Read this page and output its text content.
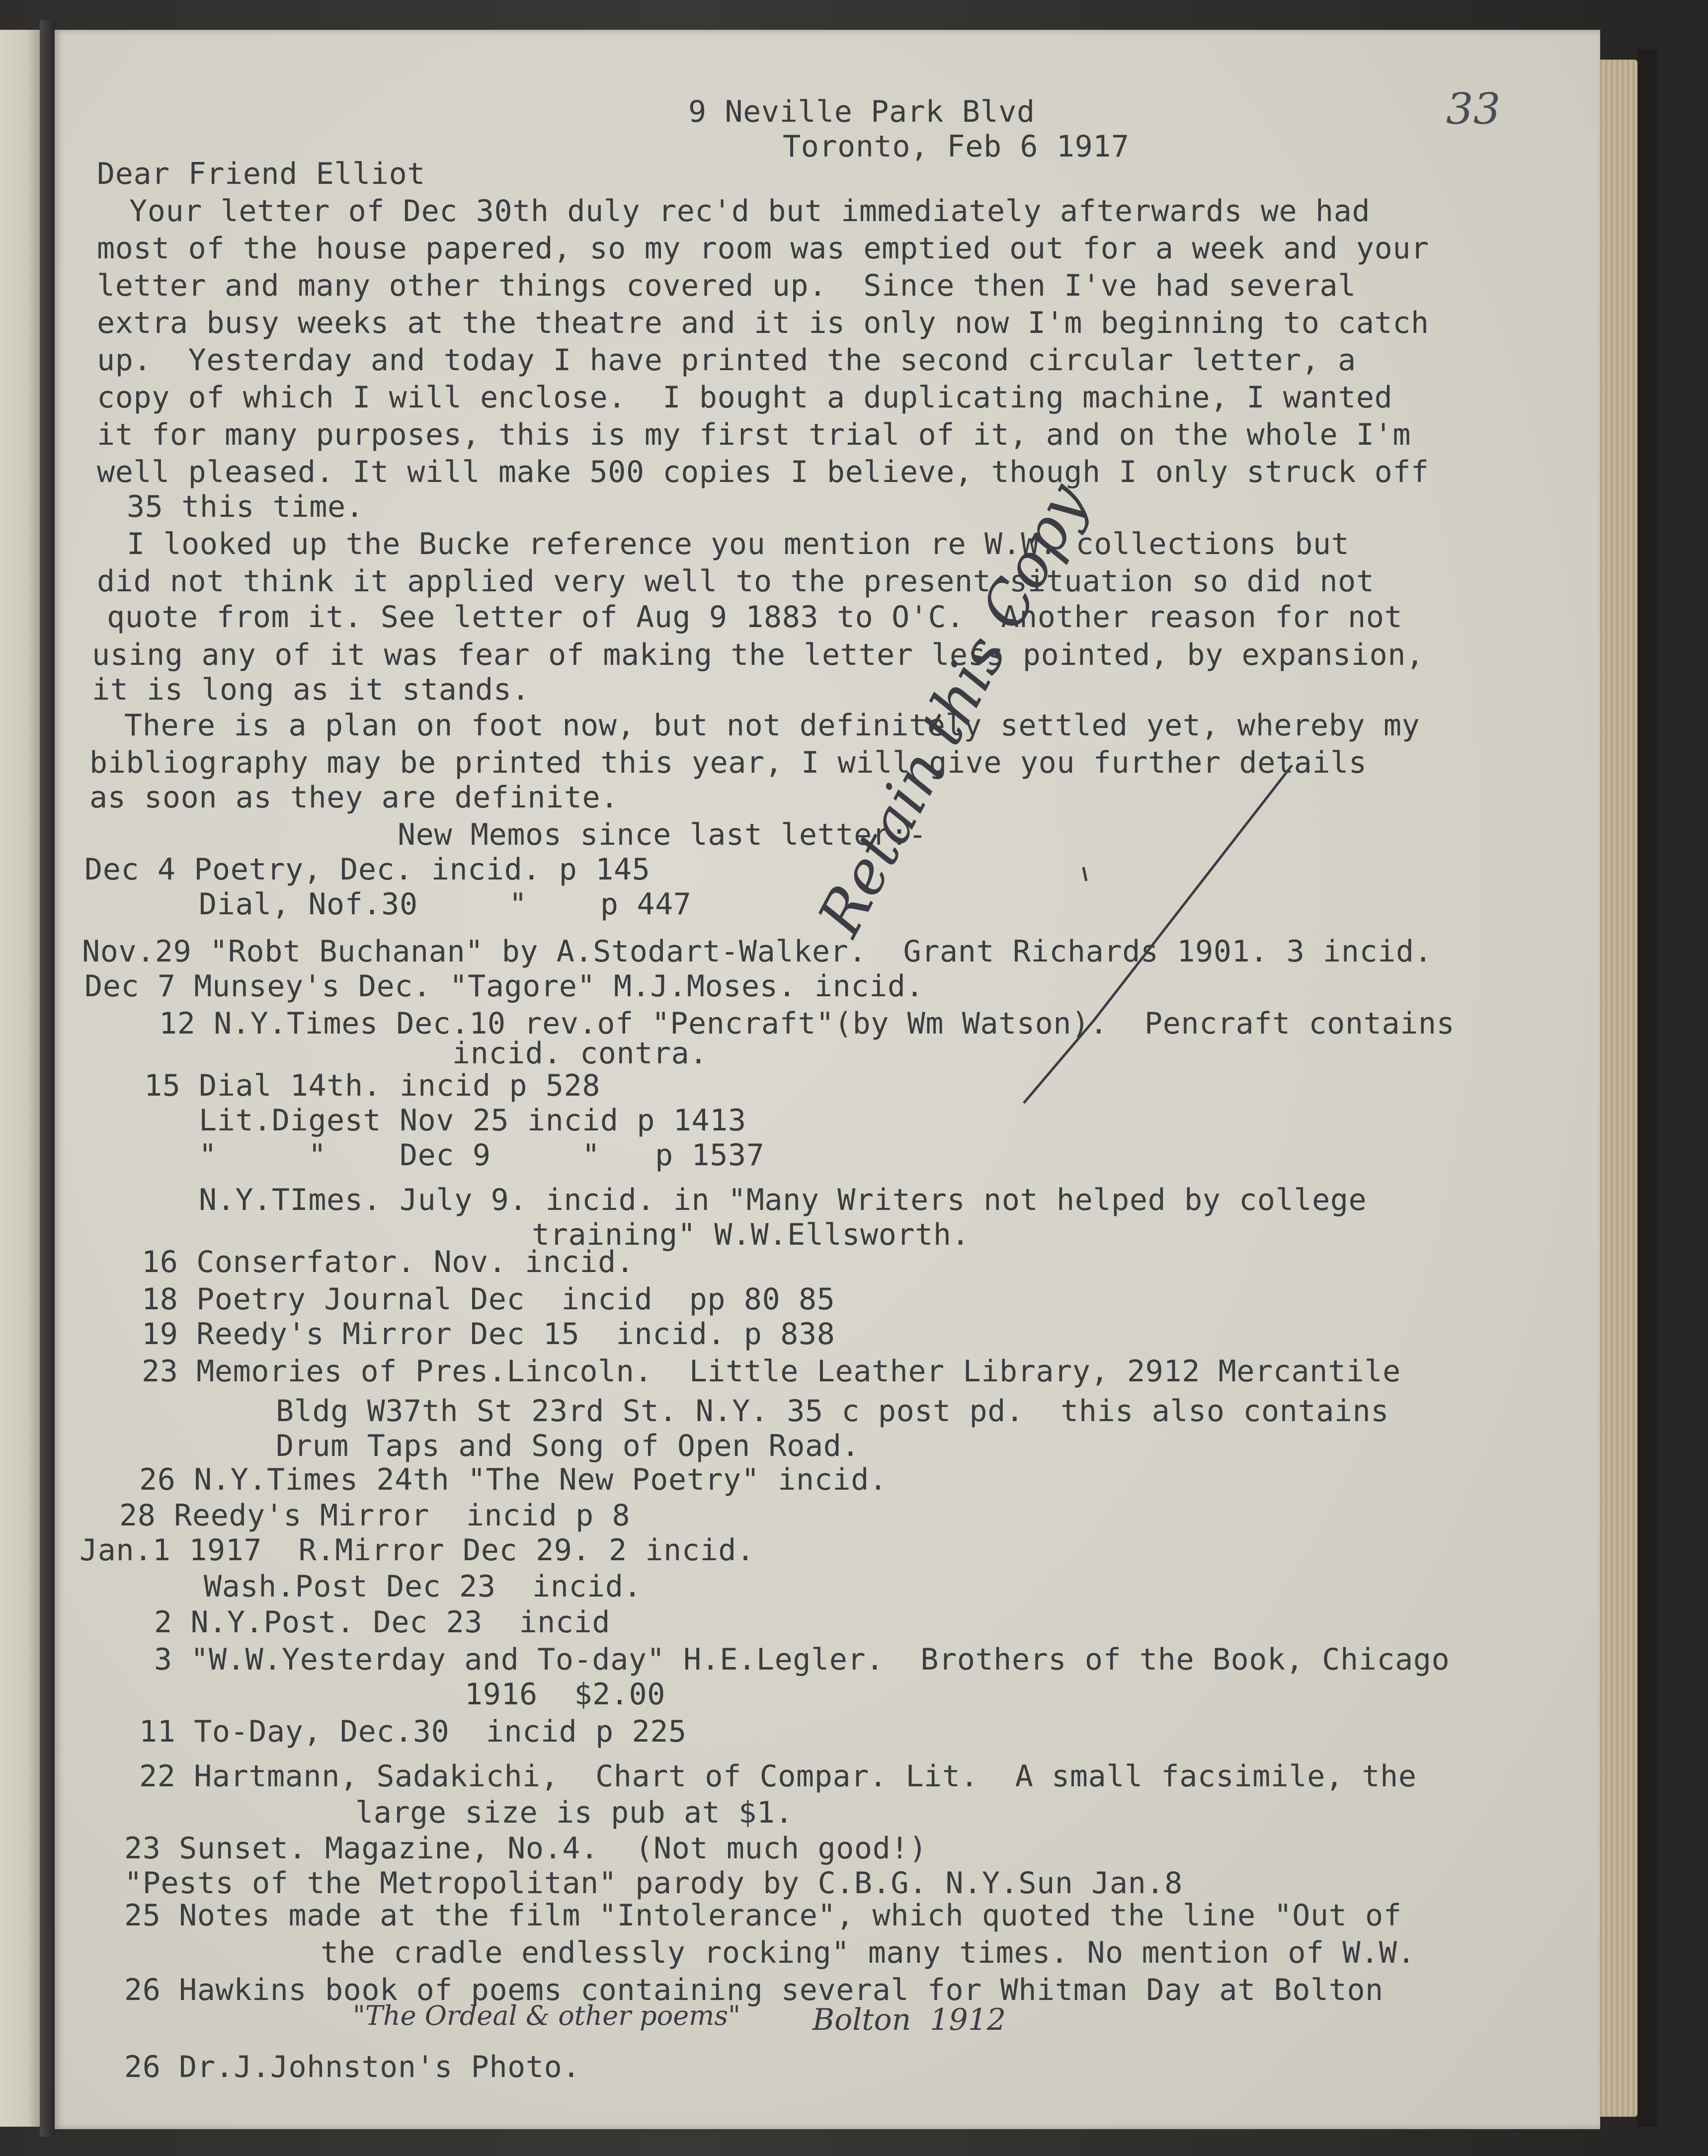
33
9 Neville Park Blvd
Toronto, Feb 6 1917
Dear Friend Elliot
Your letter of Dec 30th duly rec'd but immediately afterwards we had
most of the house papered, so my room was emptied out for a week and your
letter and many other things covered up.  Since then I've had several
extra busy weeks at the theatre and it is only now I'm beginning to catch
up.  Yesterday and today I have printed the second circular letter, a
copy of which I will enclose.  I bought a duplicating machine, I wanted
it for many purposes, this is my first trial of it, and on the whole I'm
well pleased. It will make 500 copies I believe, though I only struck off
35 this time.
I looked up the Bucke reference you mention re W.W. collections but
did not think it applied very well to the present situation so did not
quote from it. See letter of Aug 9 1883 to O'C.  Another reason for not
using any of it was fear of making the letter less pointed, by expansion,
it is long as it stands.
There is a plan on foot now, but not definitely settled yet, whereby my
bibliography may be printed this year, I will give you further details
as soon as they are definite.
New Memos since last letter:-
Dec 4 Poetry, Dec. incid. p 145
Dial, Nof.30     "    p 447
Nov.29 "Robt Buchanan" by A.Stodart-Walker.  Grant Richards 1901. 3 incid.
Dec 7 Munsey's Dec. "Tagore" M.J.Moses. incid.
12 N.Y.Times Dec.10 rev.of "Pencraft"(by Wm Watson).  Pencraft contains
incid. contra.
15 Dial 14th. incid p 528
Lit.Digest Nov 25 incid p 1413
"     "    Dec 9     "   p 1537
N.Y.TImes. July 9. incid. in "Many Writers not helped by college
training" W.W.Ellsworth.
16 Conserfator. Nov. incid.
18 Poetry Journal Dec  incid  pp 80 85
19 Reedy's Mirror Dec 15  incid. p 838
23 Memories of Pres.Lincoln.  Little Leather Library, 2912 Mercantile
Bldg W37th St 23rd St. N.Y. 35 c post pd.  this also contains
Drum Taps and Song of Open Road.
26 N.Y.Times 24th "The New Poetry" incid.
28 Reedy's Mirror  incid p 8
Jan.1 1917  R.Mirror Dec 29. 2 incid.
Wash.Post Dec 23  incid.
2 N.Y.Post. Dec 23  incid
3 "W.W.Yesterday and To-day" H.E.Legler.  Brothers of the Book, Chicago
1916  $2.00
11 To-Day, Dec.30  incid p 225
22 Hartmann, Sadakichi,  Chart of Compar. Lit.  A small facsimile, the
large size is pub at $1.
23 Sunset. Magazine, No.4.  (Not much good!)
"Pests of the Metropolitan" parody by C.B.G. N.Y.Sun Jan.8
25 Notes made at the film "Intolerance", which quoted the line "Out of
the cradle endlessly rocking" many times. No mention of W.W.
26 Hawkins book of poems containing several for Whitman Day at Bolton
26 Dr.J.Johnston's Photo.
"The Ordeal & other poems" Bolton  1912
Retain this Copy
